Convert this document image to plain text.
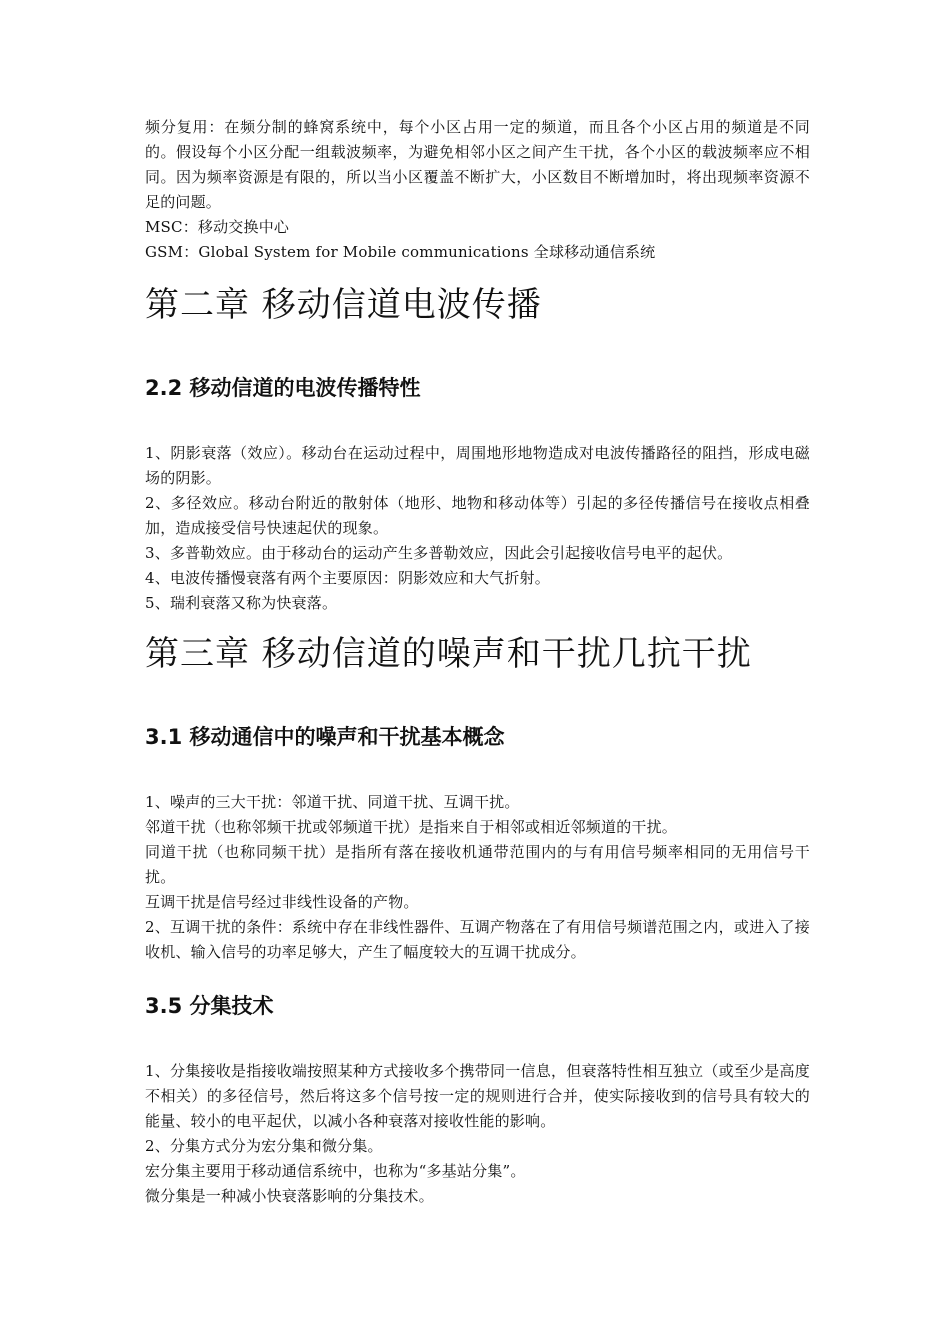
频分复用：在频分制的蜂窝系统中，每个小区占用一定的频道，而且各个小区占用的频道是不同的。假设每个小区分配一组载波频率，为避免相邻小区之间产生干扰，各个小区的载波频率应不相同。因为频率资源是有限的，所以当小区覆盖不断扩大，小区数目不断增加时，将出现频率资源不足的问题。

MSC：移动交换中心

GSM：Global System for Mobile communications 全球移动通信系统

第二章 移动信道电波传播
2.2 移动信道的电波传播特性

1、阴影衰落（效应）。移动台在运动过程中，周围地形地物造成对电波传播路径的阻挡，形成电磁场的阴影。

2、多径效应。移动台附近的散射体（地形、地物和移动体等）引起的多径传播信号在接收点相叠加，造成接受信号快速起伏的现象。

3、多普勒效应。由于移动台的运动产生多普勒效应，因此会引起接收信号电平的起伏。

4、电波传播慢衰落有两个主要原因：阴影效应和大气折射。

5、瑞利衰落又称为快衰落。

第三章 移动信道的噪声和干扰几抗干扰
3.1 移动通信中的噪声和干扰基本概念

1、噪声的三大干扰：邻道干扰、同道干扰、互调干扰。

邻道干扰（也称邻频干扰或邻频道干扰）是指来自于相邻或相近邻频道的干扰。

同道干扰（也称同频干扰）是指所有落在接收机通带范围内的与有用信号频率相同的无用信号干扰。

互调干扰是信号经过非线性设备的产物。

2、互调干扰的条件：系统中存在非线性器件、互调产物落在了有用信号频谱范围之内，或进入了接收机、输入信号的功率足够大，产生了幅度较大的互调干扰成分。

3.5 分集技术

1、分集接收是指接收端按照某种方式接收多个携带同一信息，但衰落特性相互独立（或至少是高度不相关）的多径信号，然后将这多个信号按一定的规则进行合并，使实际接收到的信号具有较大的能量、较小的电平起伏，以减小各种衰落对接收性能的影响。

2、分集方式分为宏分集和微分集。

宏分集主要用于移动通信系统中，也称为“多基站分集”。

微分集是一种减小快衰落影响的分集技术。
